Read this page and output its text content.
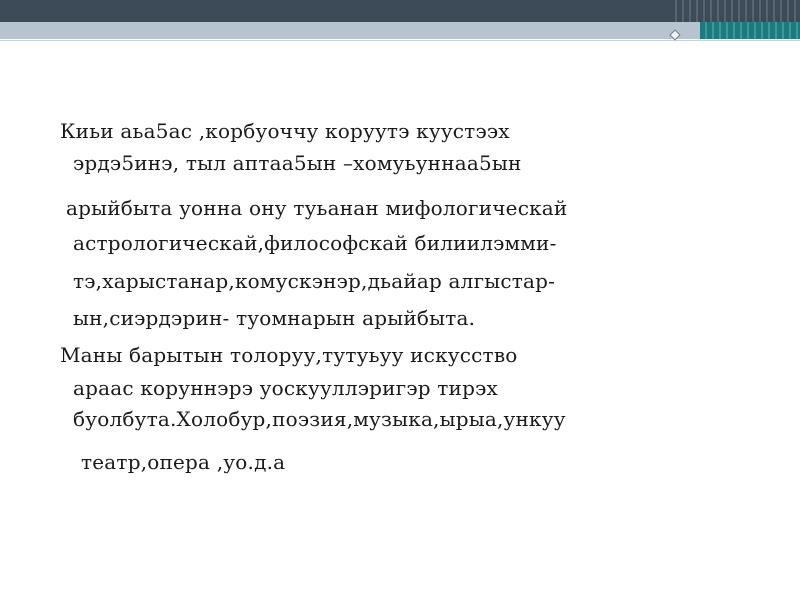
Киьи аьа5ас ,корбуоччу коруутэ куустээх
эрдэ5инэ, тыл аптаа5ын –хомуьуннаа5ын
арыйбыта уонна ону туьанан мифологическай
астрологическай,философскай билиилэмми-
тэ,харыстанар,комускэнэр,дьайар алгыстар-
ын,сиэрдэрин- туомнарын арыйбыта.
Маны барытын толоруу,тутуьуу искусство
араас коруннэрэ уоскууллэригэр тирэх
буолбута.Холобур,поэзия,музыка,ырыа,ункуу
театр,опера ,уо.д.а
